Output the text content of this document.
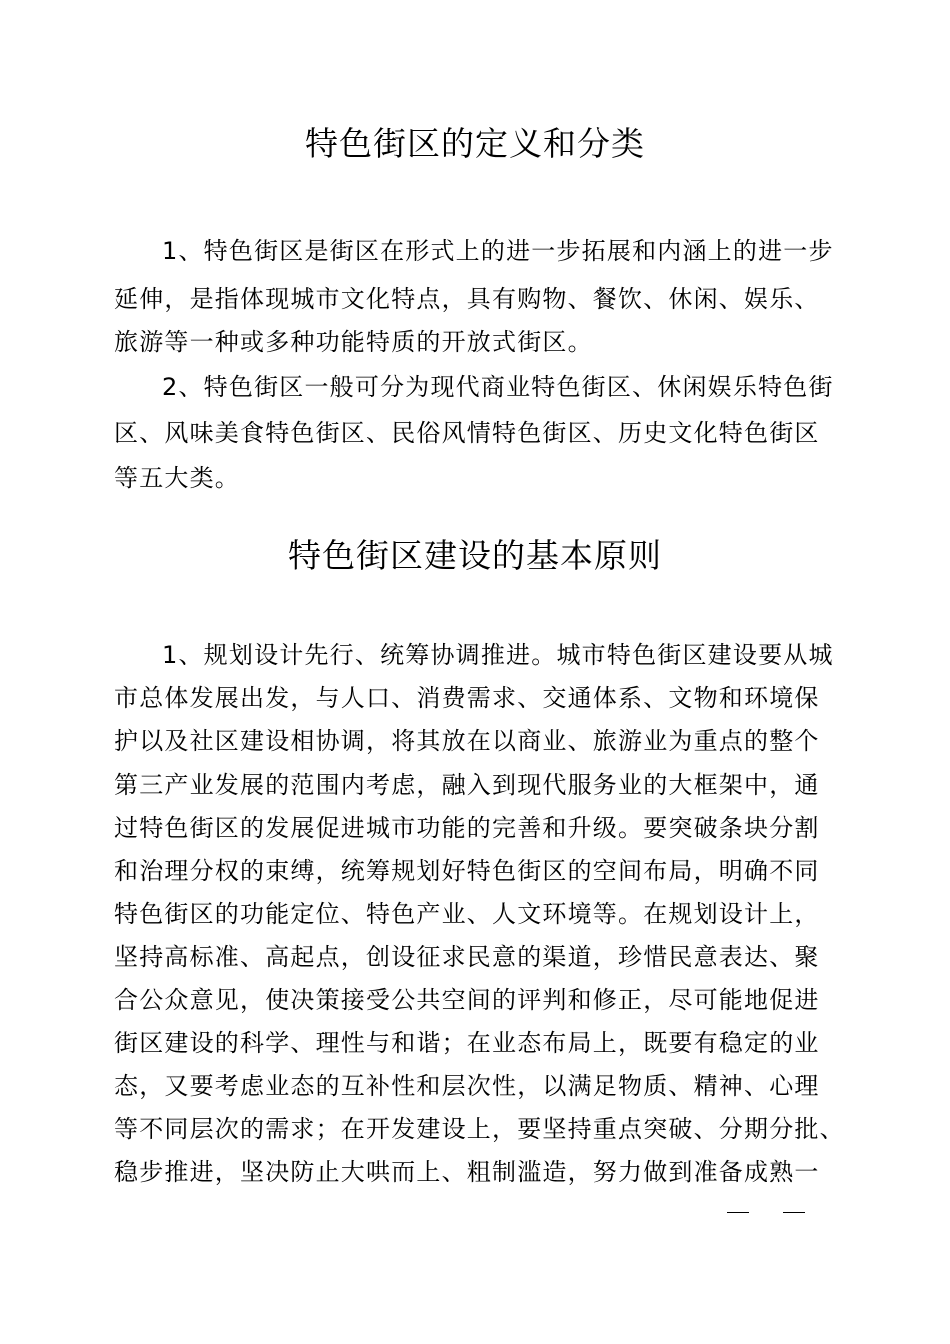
特色街区的定义和分类
1、特色街区是街区在形式上的进一步拓展和内涵上的进一步
延伸，是指体现城市文化特点，具有购物、餐饮、休闲、娱乐、
旅游等一种或多种功能特质的开放式街区。
2、特色街区一般可分为现代商业特色街区、休闲娱乐特色街
区、风味美食特色街区、民俗风情特色街区、历史文化特色街区
等五大类。
特色街区建设的基本原则
1、规划设计先行、统筹协调推进。城市特色街区建设要从城
市总体发展出发，与人口、消费需求、交通体系、文物和环境保
护以及社区建设相协调，将其放在以商业、旅游业为重点的整个
第三产业发展的范围内考虑，融入到现代服务业的大框架中，通
过特色街区的发展促进城市功能的完善和升级。要突破条块分割
和治理分权的束缚，统筹规划好特色街区的空间布局，明确不同
特色街区的功能定位、特色产业、人文环境等。在规划设计上，
坚持高标准、高起点，创设征求民意的渠道，珍惜民意表达、聚
合公众意见，使决策接受公共空间的评判和修正，尽可能地促进
街区建设的科学、理性与和谐；在业态布局上，既要有稳定的业
态，又要考虑业态的互补性和层次性，以满足物质、精神、心理
等不同层次的需求；在开发建设上，要坚持重点突破、分期分批、
稳步推进，坚决防止大哄而上、粗制滥造，努力做到准备成熟一
